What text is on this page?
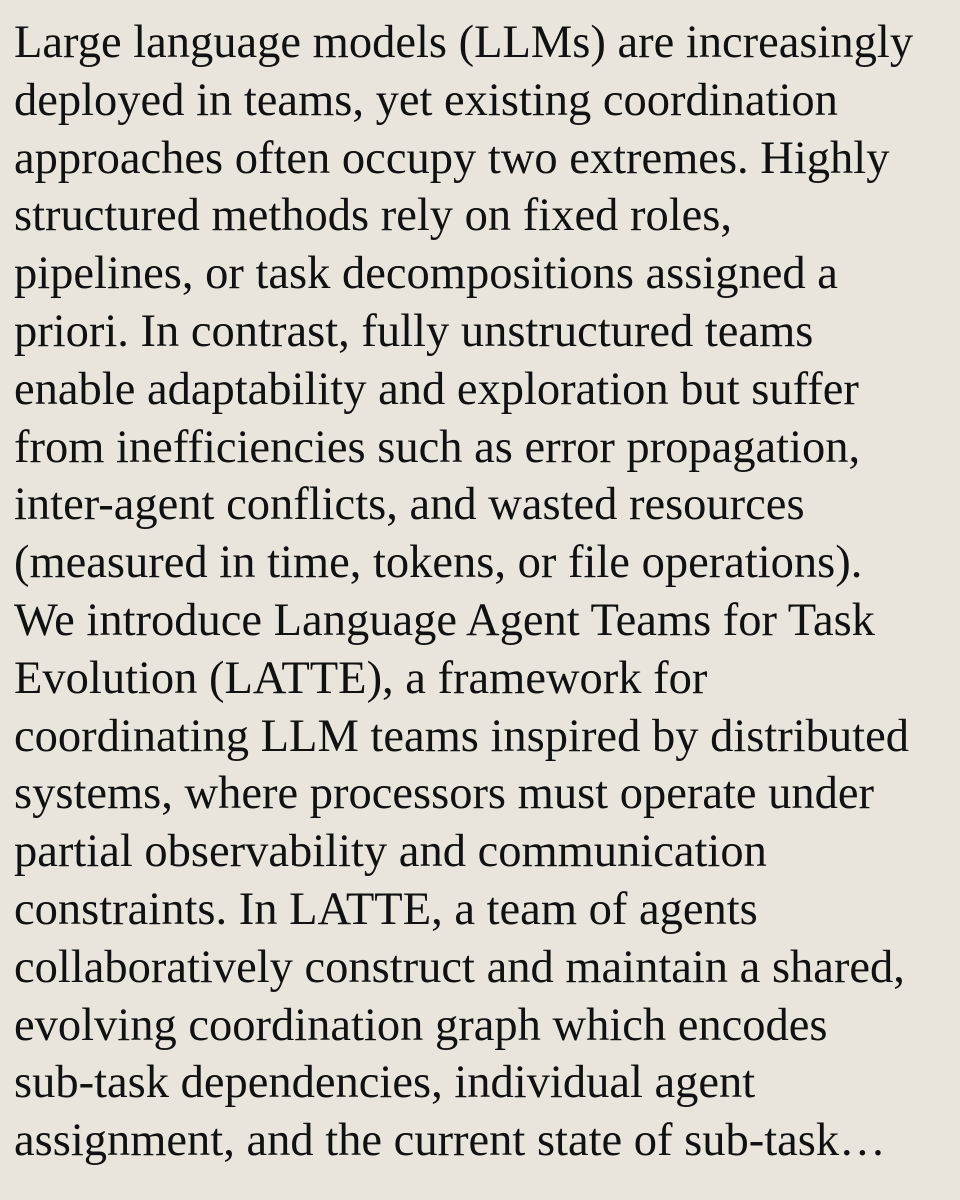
Large language models (LLMs) are increasingly
deployed in teams, yet existing coordination
approaches often occupy two extremes. Highly
structured methods rely on fixed roles,
pipelines, or task decompositions assigned a
priori. In contrast, fully unstructured teams
enable adaptability and exploration but suffer
from inefficiencies such as error propagation,
inter-agent conflicts, and wasted resources
(measured in time, tokens, or file operations).
We introduce Language Agent Teams for Task
Evolution (LATTE), a framework for
coordinating LLM teams inspired by distributed
systems, where processors must operate under
partial observability and communication
constraints. In LATTE, a team of agents
collaboratively construct and maintain a shared,
evolving coordination graph which encodes
sub-task dependencies, individual agent
assignment, and the current state of sub-task…
